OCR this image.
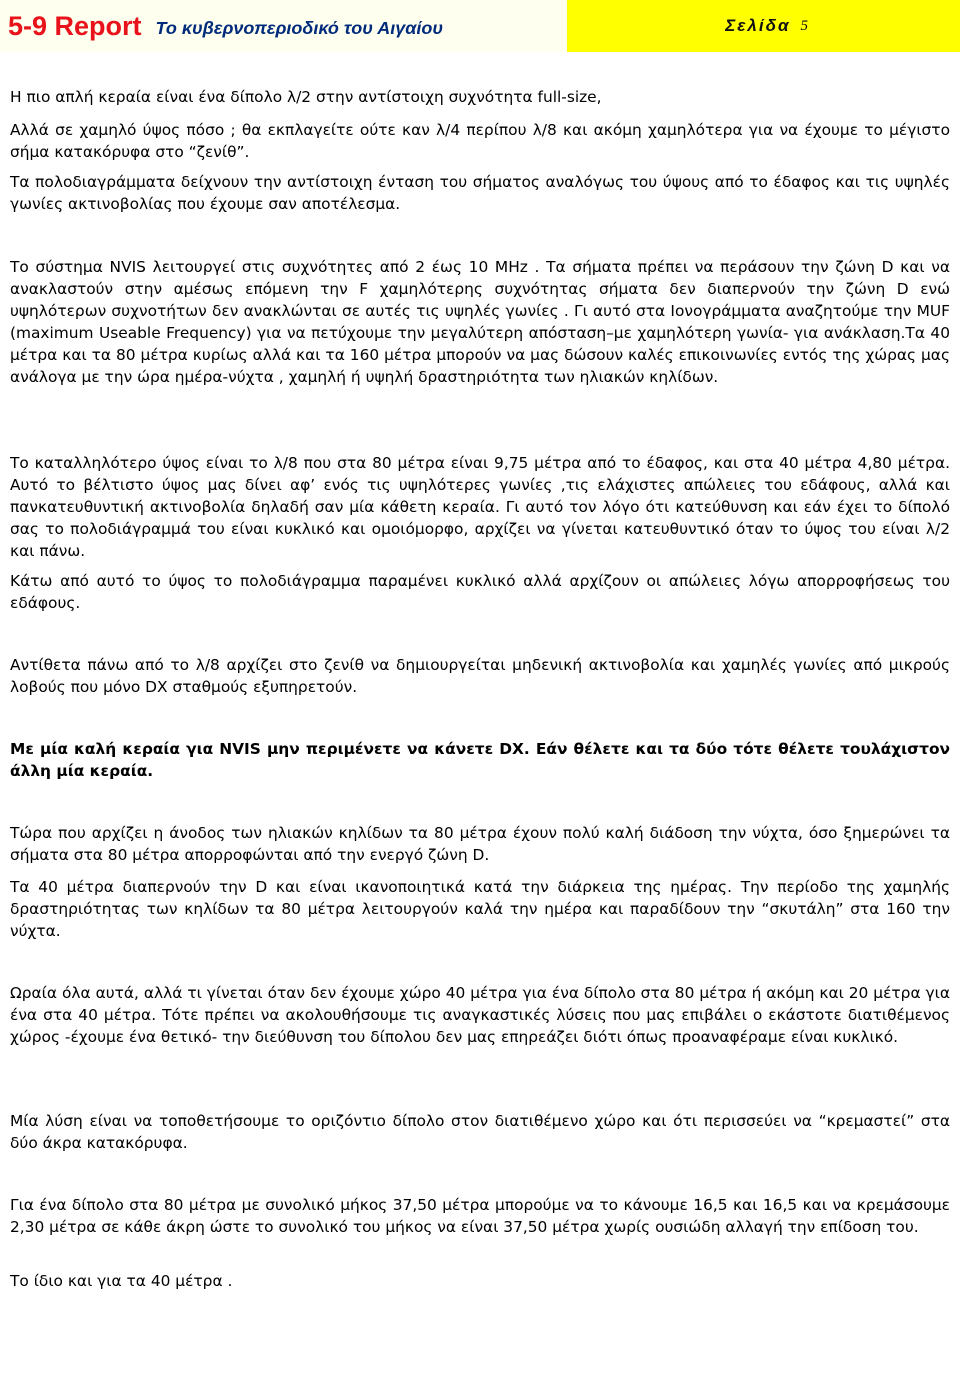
5-9 Report Το κυβερνοπεριοδικό του Αιγαίου	Σελίδα 5

Η πιο απλή κεραία είναι ένα δίπολο λ/2 στην αντίστοιχη συχνότητα full-size,

Αλλά σε χαμηλό ύψος πόσο ; θα εκπλαγείτε ούτε καν λ/4 περίπου λ/8 και ακόμη χαμηλότερα για να έχουμε το μέγιστο σήμα κατακόρυφα στο “ζενίθ”.

Τα πολοδιαγράμματα δείχνουν την αντίστοιχη ένταση του σήματος αναλόγως του ύψους από το έδαφος και τις υψηλές γωνίες ακτινοβολίας που έχουμε σαν αποτέλεσμα.

Το σύστημα NVIS λειτουργεί στις συχνότητες από 2 έως 10 MHz . Τα σήματα πρέπει να περάσουν την ζώνη D και να ανακλαστούν στην αμέσως επόμενη την F χαμηλότερης συχνότητας σήματα δεν διαπερνούν την ζώνη D ενώ υψηλότερων συχνοτήτων δεν ανακλώνται σε αυτές τις υψηλές γωνίες . Γι αυτό στα Ιονογράμματα αναζητούμε την MUF (maximum Useable Frequency) για να πετύχουμε την μεγαλύτερη απόσταση–με χαμηλότερη γωνία- για ανάκλαση.Τα 40 μέτρα και τα 80 μέτρα κυρίως αλλά και τα 160 μέτρα μπορούν να μας δώσουν καλές επικοινωνίες εντός της χώρας μας ανάλογα με την ώρα ημέρα-νύχτα , χαμηλή ή υψηλή δραστηριότητα των ηλιακών κηλίδων.

Το καταλληλότερο ύψος είναι το λ/8 που στα 80 μέτρα είναι 9,75 μέτρα από το έδαφος, και στα 40 μέτρα 4,80 μέτρα. Αυτό το βέλτιστο ύψος μας δίνει αφ’ ενός τις υψηλότερες γωνίες ,τις ελάχιστες απώλειες του εδάφους, αλλά και πανκατευθυντική ακτινοβολία δηλαδή σαν μία κάθετη κεραία. Γι αυτό τον λόγο ότι κατεύθυνση και εάν έχει το δίπολό σας το πολοδιάγραμμά του είναι κυκλικό και ομοιόμορφο, αρχίζει να γίνεται κατευθυντικό όταν το ύψος του είναι λ/2 και πάνω.

Κάτω από αυτό το ύψος το πολοδιάγραμμα παραμένει κυκλικό αλλά αρχίζουν οι απώλειες λόγω απορροφήσεως του εδάφους.

Αντίθετα πάνω από το λ/8 αρχίζει στο ζενίθ να δημιουργείται μηδενική ακτινοβολία και χαμηλές γωνίες από μικρούς λοβούς που μόνο DX σταθμούς εξυπηρετούν.

Με μία καλή κεραία για NVIS μην περιμένετε να κάνετε DX. Εάν θέλετε και τα δύο τότε θέλετε τουλάχιστον άλλη μία κεραία.

Τώρα που αρχίζει η άνοδος των ηλιακών κηλίδων τα 80 μέτρα έχουν πολύ καλή διάδοση την νύχτα, όσο ξημερώνει τα σήματα στα 80 μέτρα απορροφώνται από την ενεργό ζώνη D.

Τα 40 μέτρα διαπερνούν την D και είναι ικανοποιητικά κατά την διάρκεια της ημέρας. Την περίοδο της χαμηλής δραστηριότητας των κηλίδων τα 80 μέτρα λειτουργούν καλά την ημέρα και παραδίδουν την “σκυτάλη” στα 160 την νύχτα.

Ωραία όλα αυτά, αλλά τι γίνεται όταν δεν έχουμε χώρο 40 μέτρα για ένα δίπολο στα 80 μέτρα ή ακόμη και 20 μέτρα για ένα στα 40 μέτρα. Τότε πρέπει να ακολουθήσουμε τις αναγκαστικές λύσεις που μας επιβάλει ο εκάστοτε διατιθέμενος χώρος -έχουμε ένα θετικό- την διεύθυνση του δίπολου δεν μας επηρεάζει διότι όπως προαναφέραμε είναι κυκλικό.

Μία λύση είναι να τοποθετήσουμε το οριζόντιο δίπολο στον διατιθέμενο χώρο και ότι περισσεύει να “κρεμαστεί” στα δύο άκρα κατακόρυφα.

Για ένα δίπολο στα 80 μέτρα με συνολικό μήκος 37,50 μέτρα μπορούμε να το κάνουμε 16,5 και 16,5 και να κρεμάσουμε 2,30 μέτρα σε κάθε άκρη ώστε το συνολικό του μήκος να είναι 37,50 μέτρα χωρίς ουσιώδη αλλαγή την επίδοση του.

Το ίδιο και για τα 40 μέτρα .
